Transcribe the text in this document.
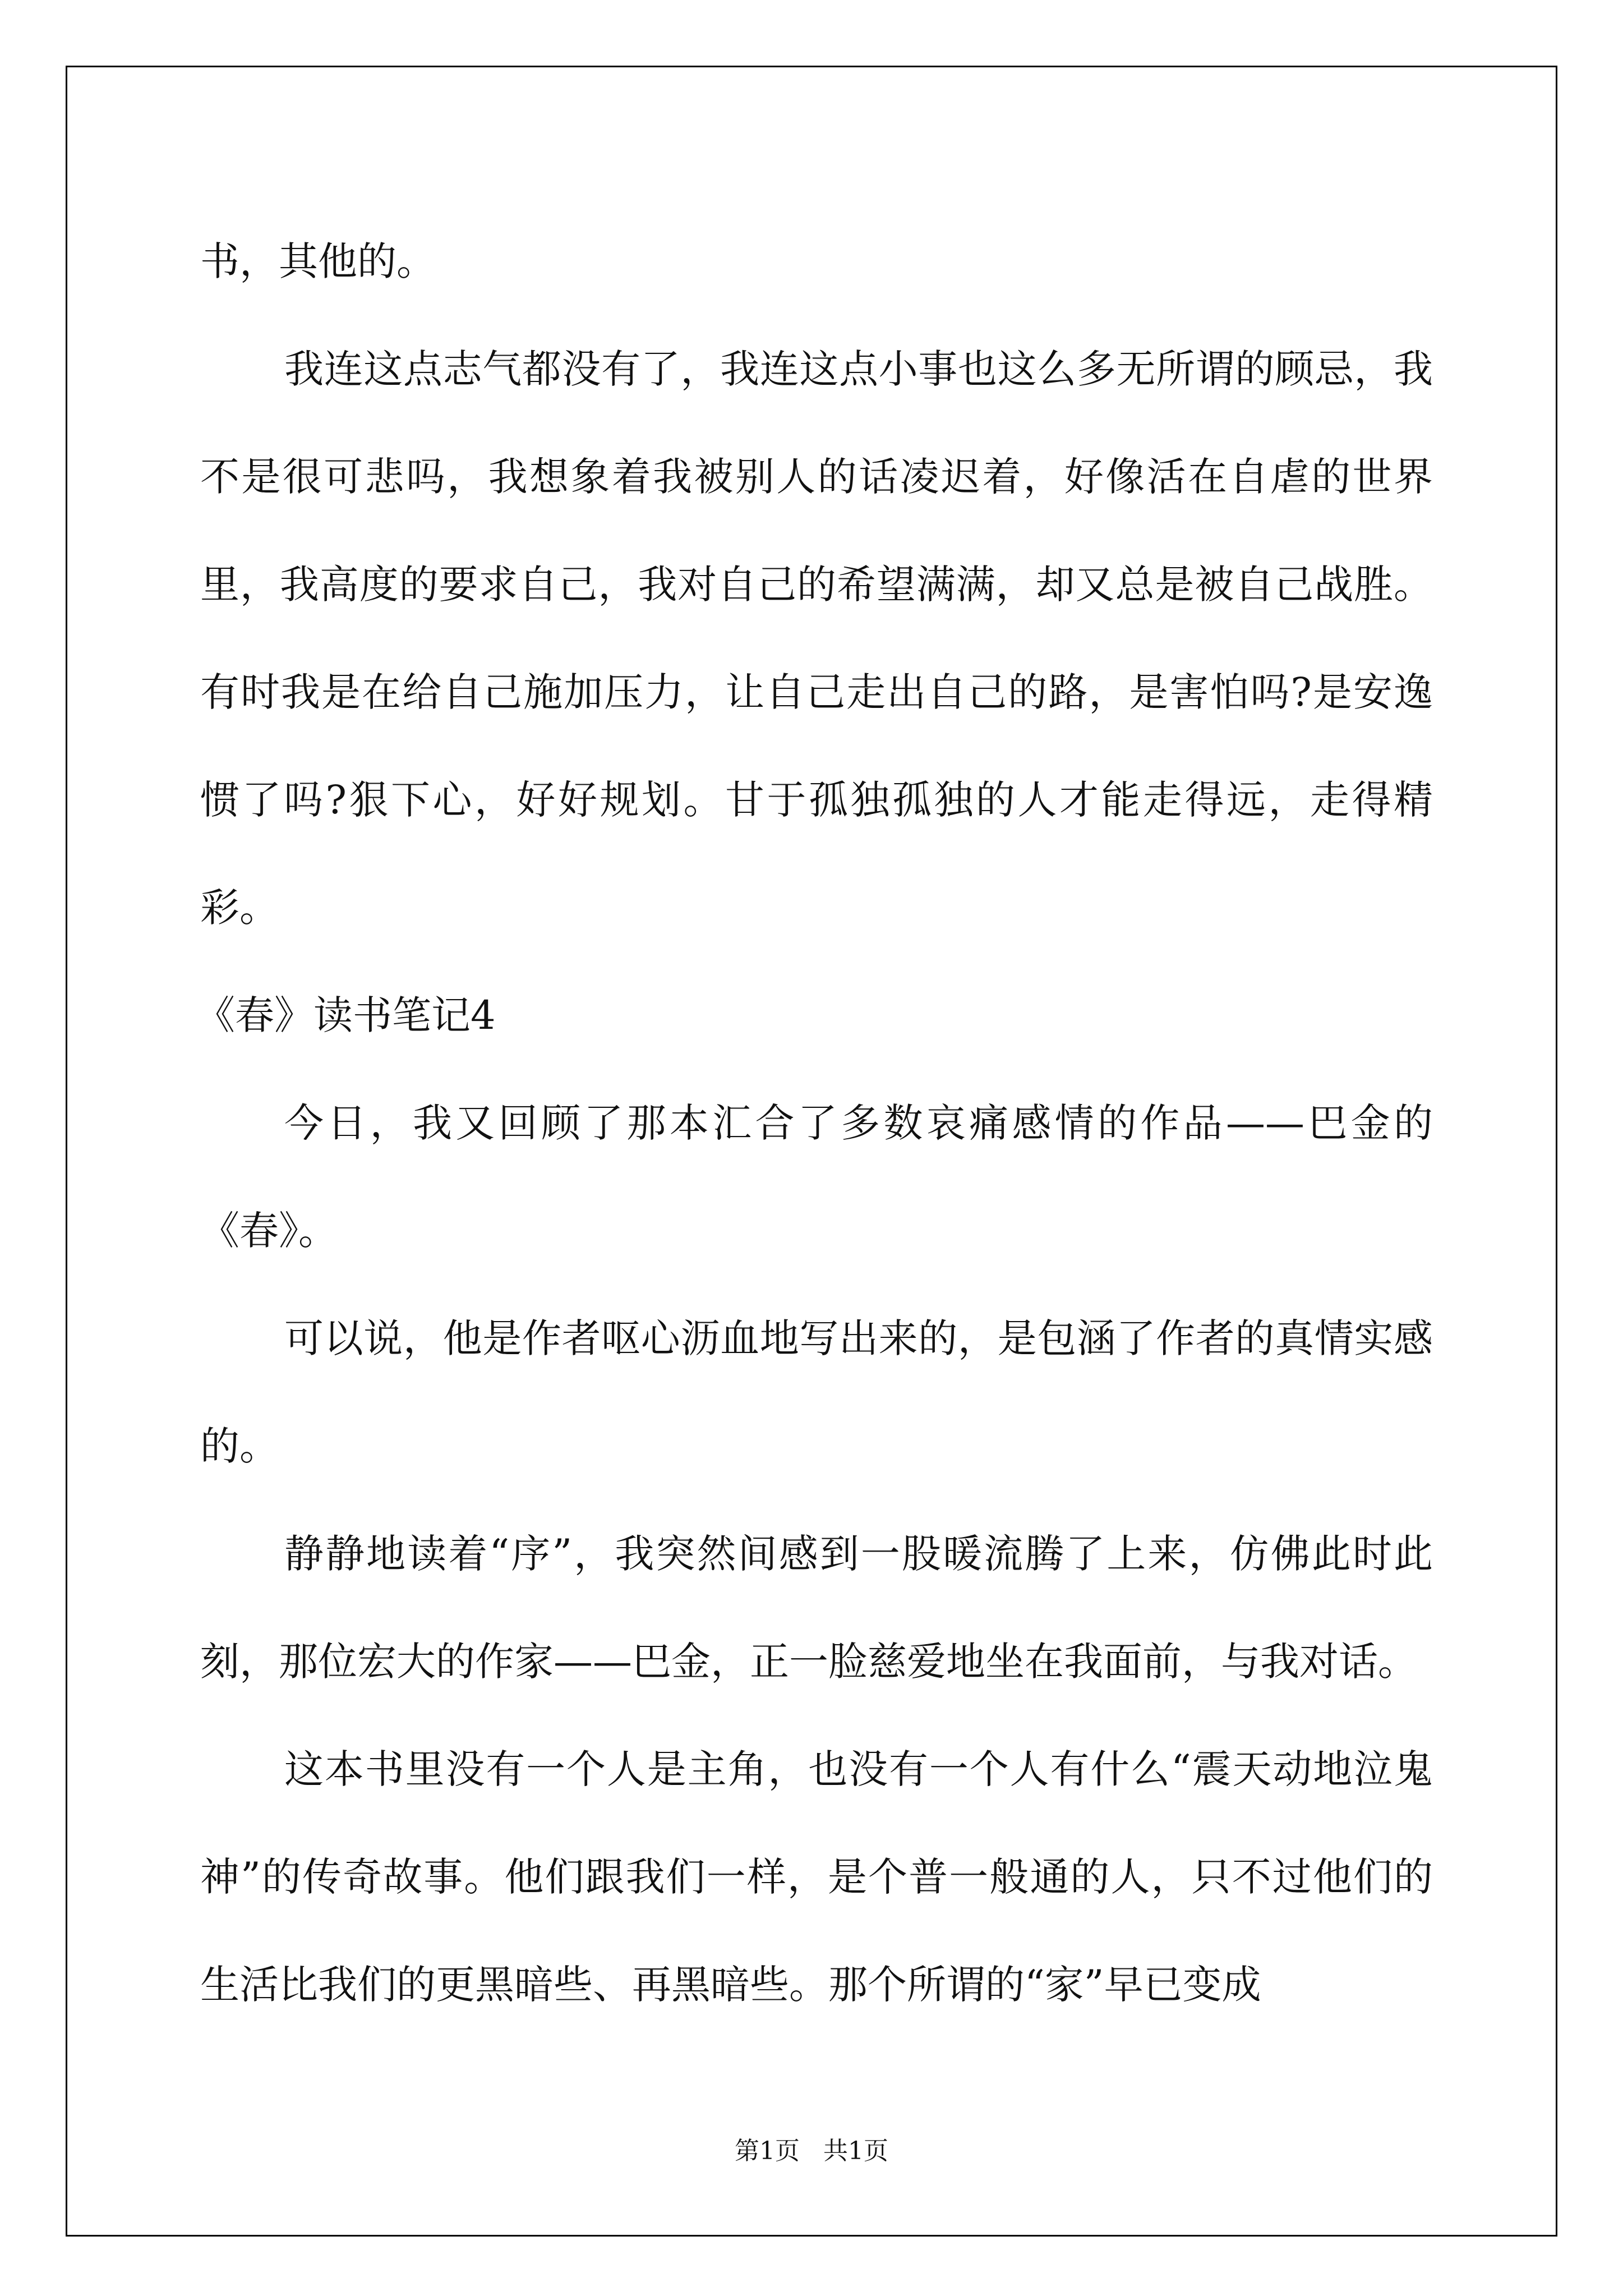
书，其他的。

我连这点志气都没有了，我连这点小事也这么多无所谓的顾忌，我不是很可悲吗，我想象着我被别人的话凌迟着，好像活在自虐的世界里，我高度的要求自己，我对自己的希望满满，却又总是被自己战胜。有时我是在给自己施加压力，让自己走出自己的路，是害怕吗?是安逸惯了吗?狠下心，好好规划。甘于孤独孤独的人才能走得远，走得精彩。

《春》读书笔记4

今日，我又回顾了那本汇合了多数哀痛感情的作品——巴金的《春》。

可以说，他是作者呕心沥血地写出来的，是包涵了作者的真情实感的。

静静地读着“序”，我突然间感到一股暖流腾了上来，仿佛此时此刻，那位宏大的作家——巴金，正一脸慈爱地坐在我面前，与我对话。

这本书里没有一个人是主角，也没有一个人有什么“震天动地泣鬼神”的传奇故事。他们跟我们一样，是个普一般通的人，只不过他们的生活比我们的更黑暗些、再黑暗些。那个所谓的“家”早已变成

第1页   共1页
